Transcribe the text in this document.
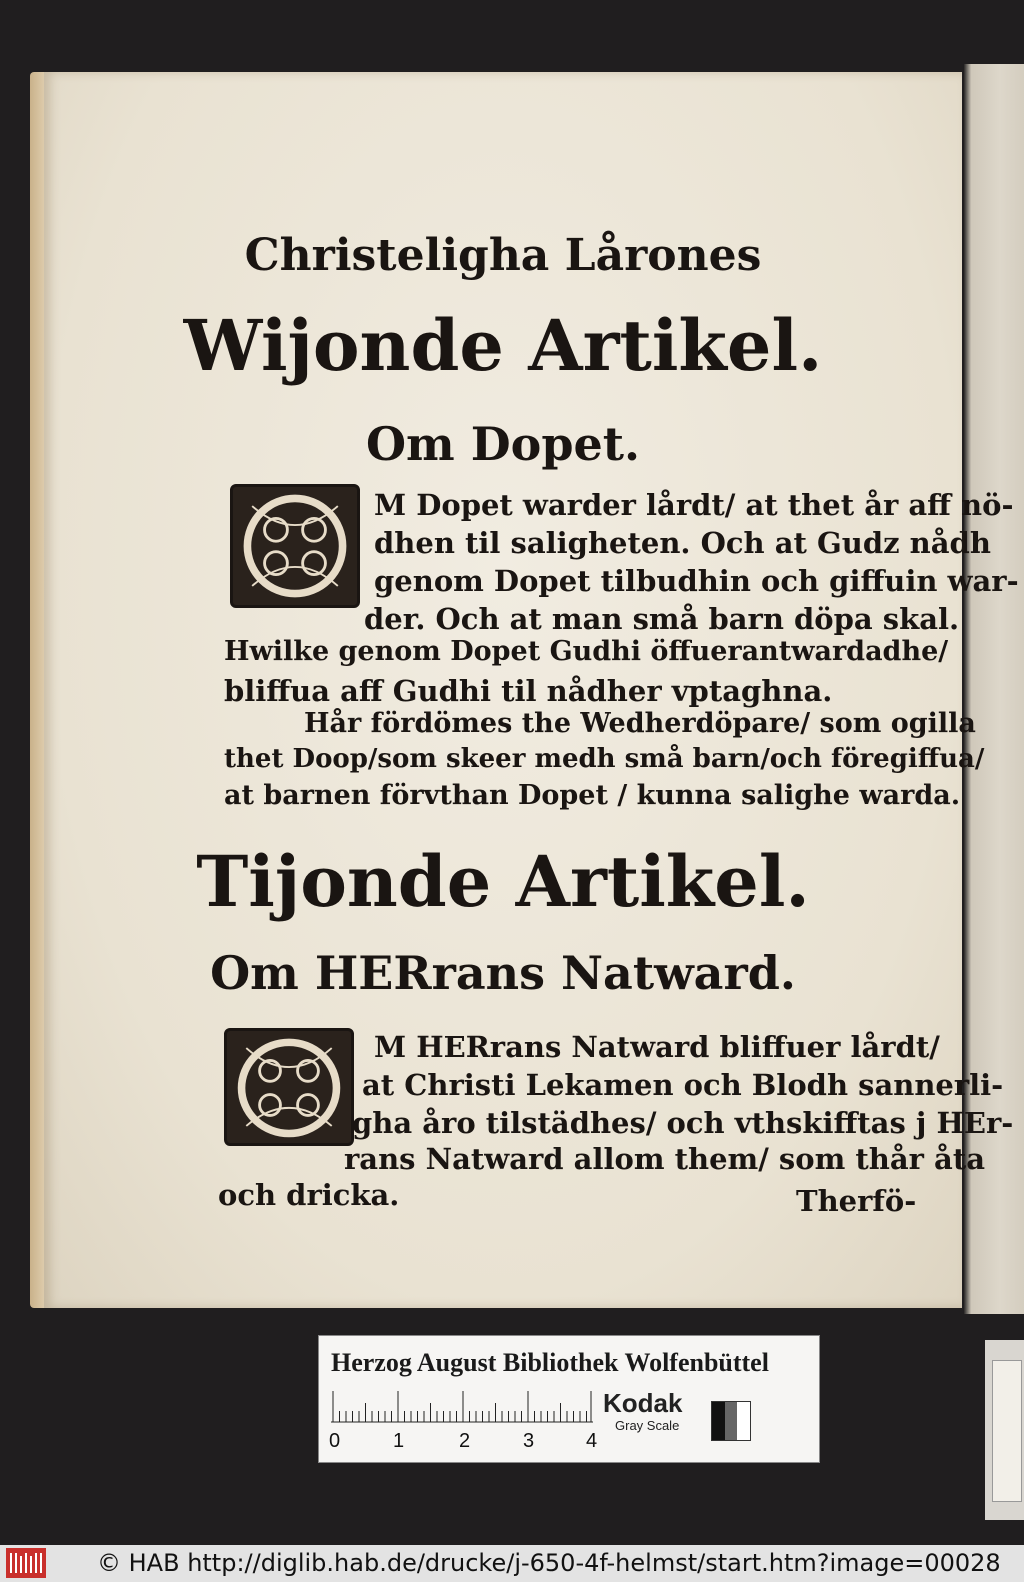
Christeligha Lårones
Wijonde Artikel.
Om Dopet.
M Dopet warder lårdt/ at thet år aff nö-
dhen til saligheten. Och at Gudz nådh
genom Dopet tilbudhin och giffuin war-
der. Och at man små barn döpa skal.
Hwilke genom Dopet Gudhi öffuerantwardadhe/
bliffua aff Gudhi til nådher vptaghna.
Hår fördömes the Wedherdöpare/ som ogilla
thet Doop/som skeer medh små barn/och föregiffua/
at barnen förvthan Dopet / kunna salighe warda.
Tijonde Artikel.
Om HERrans Natward.
M HERrans Natward bliffuer lårdt/
at Christi Lekamen och Blodh sannerli-
gha åro tilstädhes/ och vthskifftas j HEr-
rans Natward allom them/ som thår åta
och dricka.	Therfö-
Herzog August Bibliothek Wolfenbüttel
0	1	2	3	4
Kodak
Gray Scale
© HAB http://diglib.hab.de/drucke/j-650-4f-helmst/start.htm?image=00028
